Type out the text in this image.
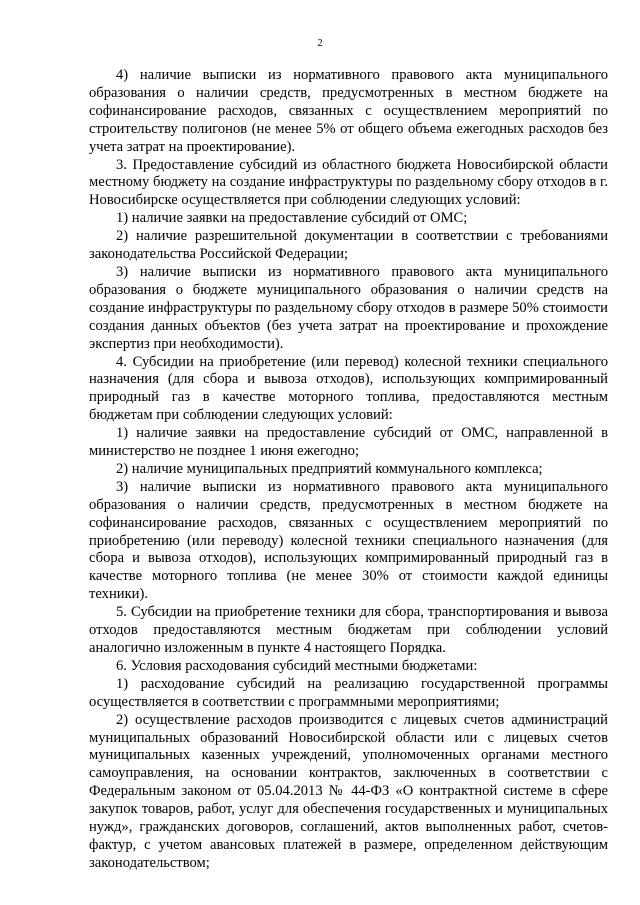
2

4) наличие выписки из нормативного правового акта муниципального образования о наличии средств, предусмотренных в местном бюджете на софинансирование расходов, связанных с осуществлением мероприятий по строительству полигонов (не менее 5% от общего объема ежегодных расходов без учета затрат на проектирование).

3. Предоставление субсидий из областного бюджета Новосибирской области местному бюджету на создание инфраструктуры по раздельному сбору отходов в г. Новосибирске осуществляется при соблюдении следующих условий:

1) наличие заявки на предоставление субсидий от ОМС;

2) наличие разрешительной документации в соответствии с требованиями законодательства Российской Федерации;

3) наличие выписки из нормативного правового акта муниципального образования о бюджете муниципального образования о наличии средств на создание инфраструктуры по раздельному сбору отходов в размере 50% стоимости создания данных объектов (без учета затрат на проектирование и прохождение экспертиз при необходимости).

4. Субсидии на приобретение (или перевод) колесной техники специального назначения (для сбора и вывоза отходов), использующих компримированный природный газ в качестве моторного топлива, предоставляются местным бюджетам при соблюдении следующих условий:

1) наличие заявки на предоставление субсидий от ОМС, направленной в министерство не позднее 1 июня ежегодно;

2) наличие муниципальных предприятий коммунального комплекса;

3) наличие выписки из нормативного правового акта муниципального образования о наличии средств, предусмотренных в местном бюджете на софинансирование расходов, связанных с осуществлением мероприятий по приобретению (или переводу) колесной техники специального назначения (для сбора и вывоза отходов), использующих компримированный природный газ в качестве моторного топлива (не менее 30% от стоимости каждой единицы техники).

5. Субсидии на приобретение техники для сбора, транспортирования и вывоза отходов предоставляются местным бюджетам при соблюдении условий аналогично изложенным в пункте 4 настоящего Порядка.

6. Условия расходования субсидий местными бюджетами:

1) расходование субсидий на реализацию государственной программы осуществляется в соответствии с программными мероприятиями;

2) осуществление расходов производится с лицевых счетов администраций муниципальных образований Новосибирской области или с лицевых счетов муниципальных казенных учреждений, уполномоченных органами местного самоуправления, на основании контрактов, заключенных в соответствии с Федеральным законом от 05.04.2013 № 44-ФЗ «О контрактной системе в сфере закупок товаров, работ, услуг для обеспечения государственных и муниципальных нужд», гражданских договоров, соглашений, актов выполненных работ, счетов-фактур, с учетом авансовых платежей в размере, определенном действующим законодательством;
